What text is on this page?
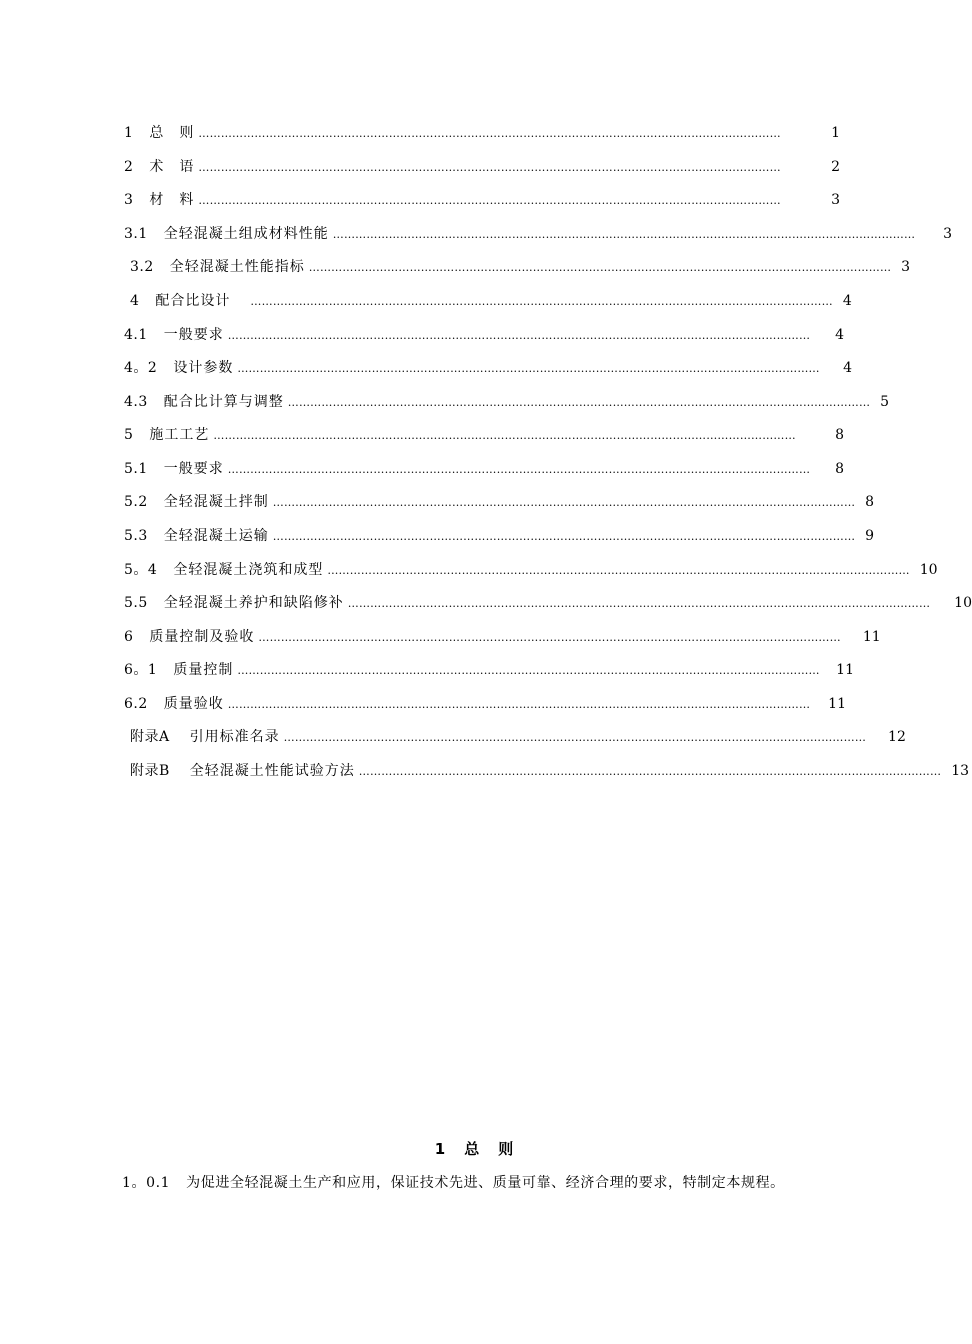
1 总　则 …………………………………………………………………………………………………………………………………………	1
2 术　语 …………………………………………………………………………………………………………………………………………	2
3 材　料 …………………………………………………………………………………………………………………………………………	3
3.1 全轻混凝土组成材料性能 …………………………………………………………………………………………………………………………………………	3
3.2 全轻混凝土性能指标 ………………………………………………………………………………………………………………………………………… 3
4 配合比设计	………………………………………………………………………………………………………………………………………… 4
4.1 一般要求 …………………………………………………………………………………………………………………………………………	4
4。2 设计参数 …………………………………………………………………………………………………………………………………………	4
4.3 配合比计算与调整 ………………………………………………………………………………………………………………………………………… 5
5 施工工艺 …………………………………………………………………………………………………………………………………………	8
5.1 一般要求 …………………………………………………………………………………………………………………………………………	8
5.2 全轻混凝土拌制 ………………………………………………………………………………………………………………………………………… 8
5.3 全轻混凝土运输 ………………………………………………………………………………………………………………………………………… 9
5。4 全轻混凝土浇筑和成型 ………………………………………………………………………………………………………………………………………… 10
5.5 全轻混凝土养护和缺陷修补 …………………………………………………………………………………………………………………………………………	10
6 质量控制及验收 …………………………………………………………………………………………………………………………………………	11
6。1 质量控制 …………………………………………………………………………………………………………………………………………	11
6.2 质量验收 …………………………………………………………………………………………………………………………………………	11
附录A 引用标准名录 …………………………………………………………………………………………………………………………………………	12
附录B 全轻混凝土性能试验方法 ………………………………………………………………………………………………………………………………………… 13
1　总　则
1。0.1 为促进全轻混凝土生产和应用，保证技术先进、质量可靠、经济合理的要求，特制定本规程。
